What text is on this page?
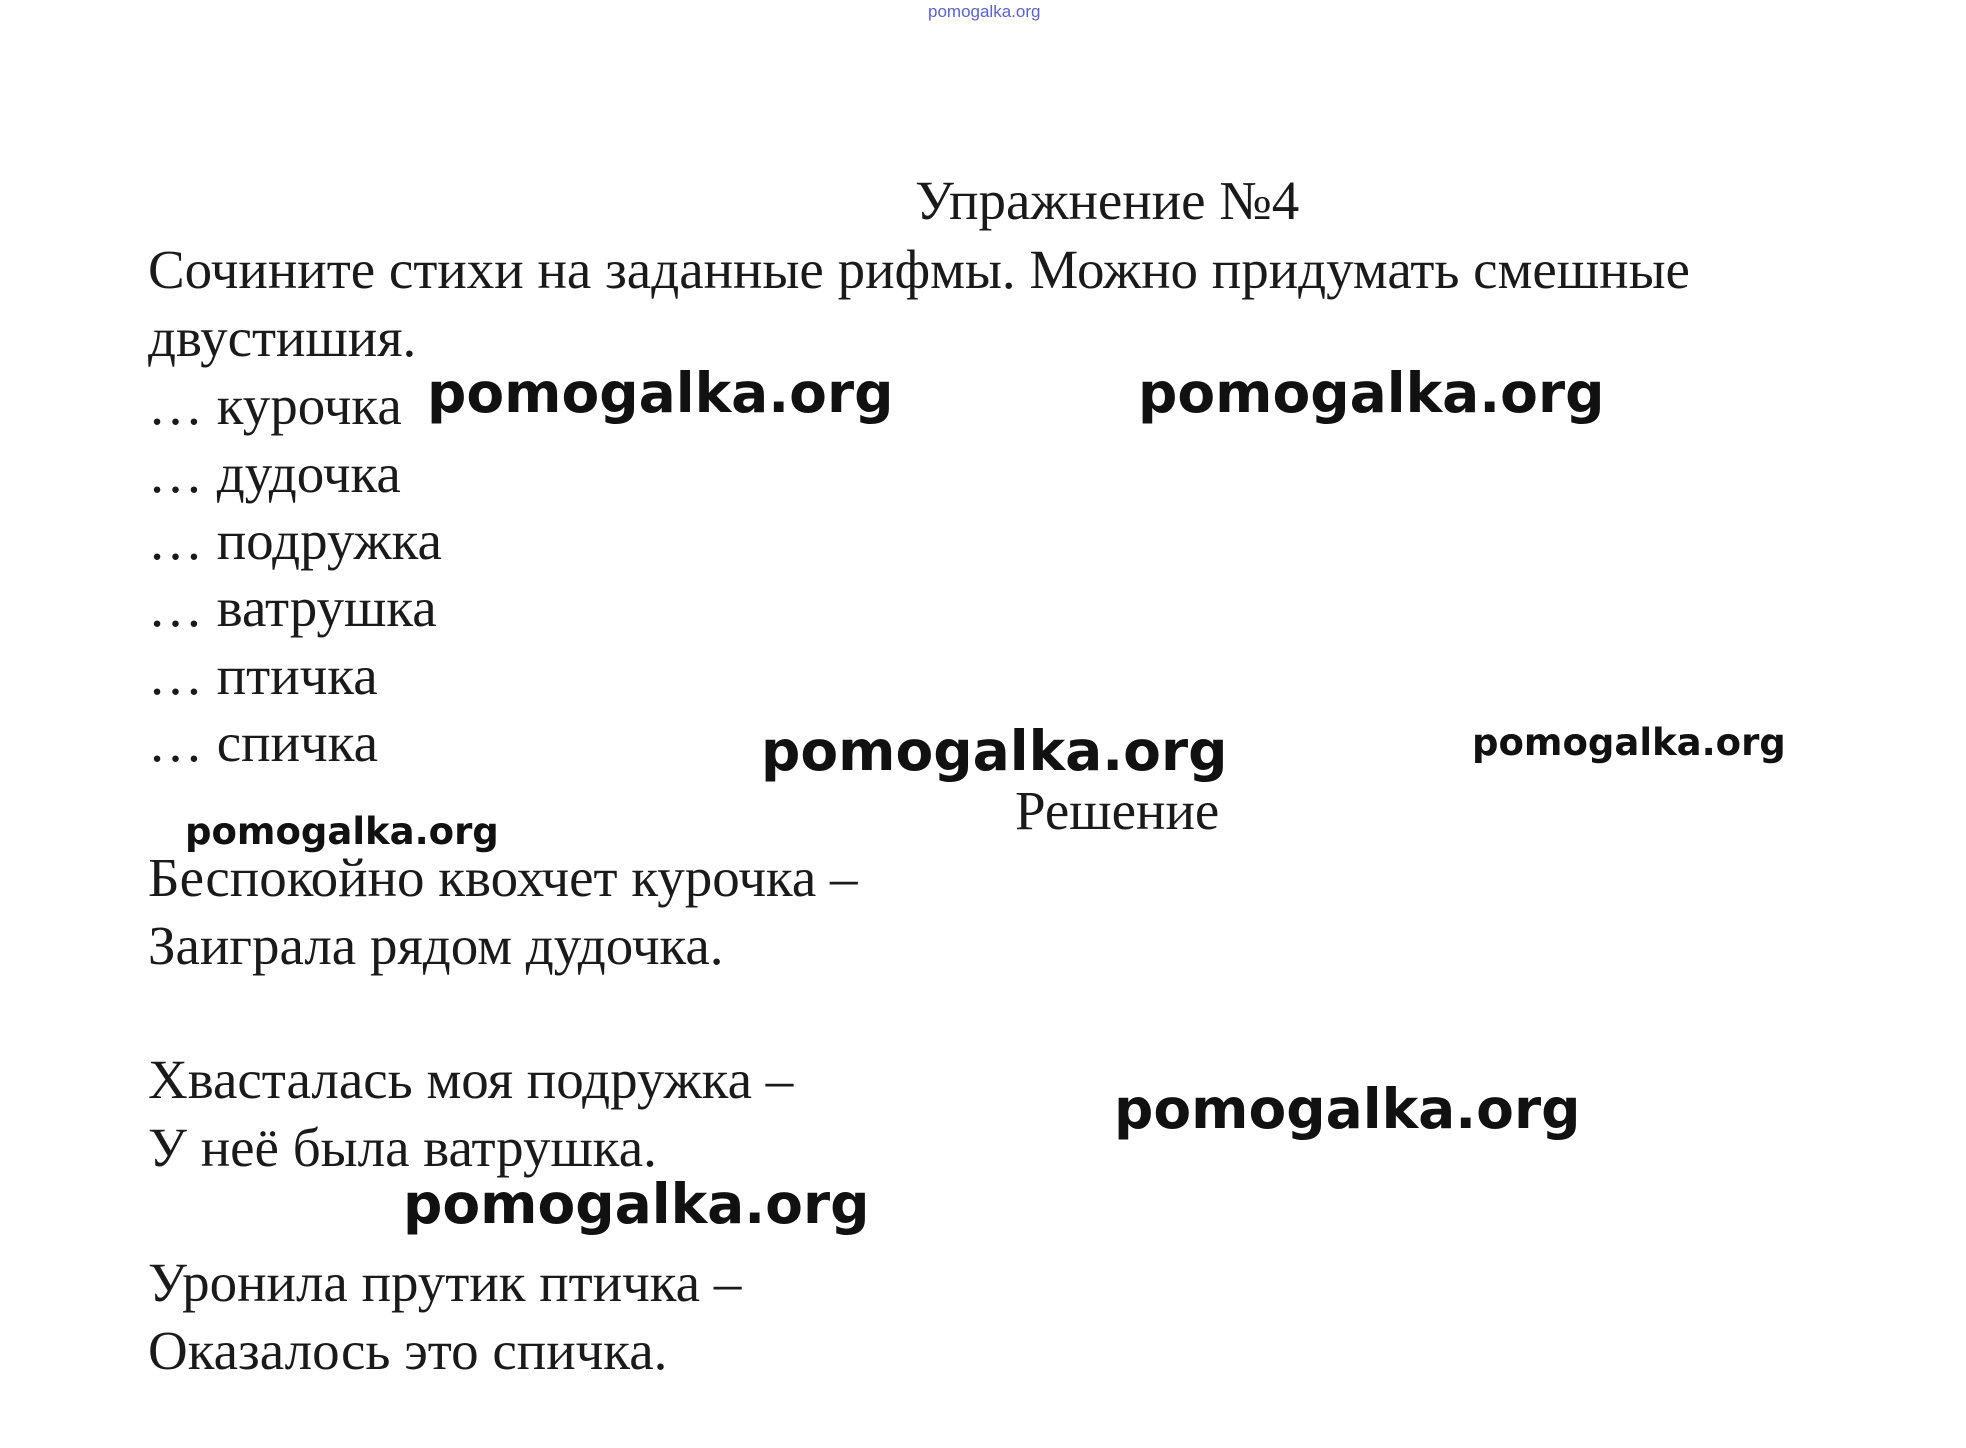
pomogalka.org
Упражнение №4
Сочините стихи на заданные рифмы. Можно придумать смешные
двустишия.
… курочка
… дудочка
… подружка
… ватрушка
… птичка
… спичка
Решение
Беспокойно квохчет курочка –
Заиграла рядом дудочка.
Хвасталась моя подружка –
У неё была ватрушка.
Уронила прутик птичка –
Оказалось это спичка.
pomogalka.org	pomogalka.org
pomogalka.org	pomogalka.org
pomogalka.org
pomogalka.org
pomogalka.org
